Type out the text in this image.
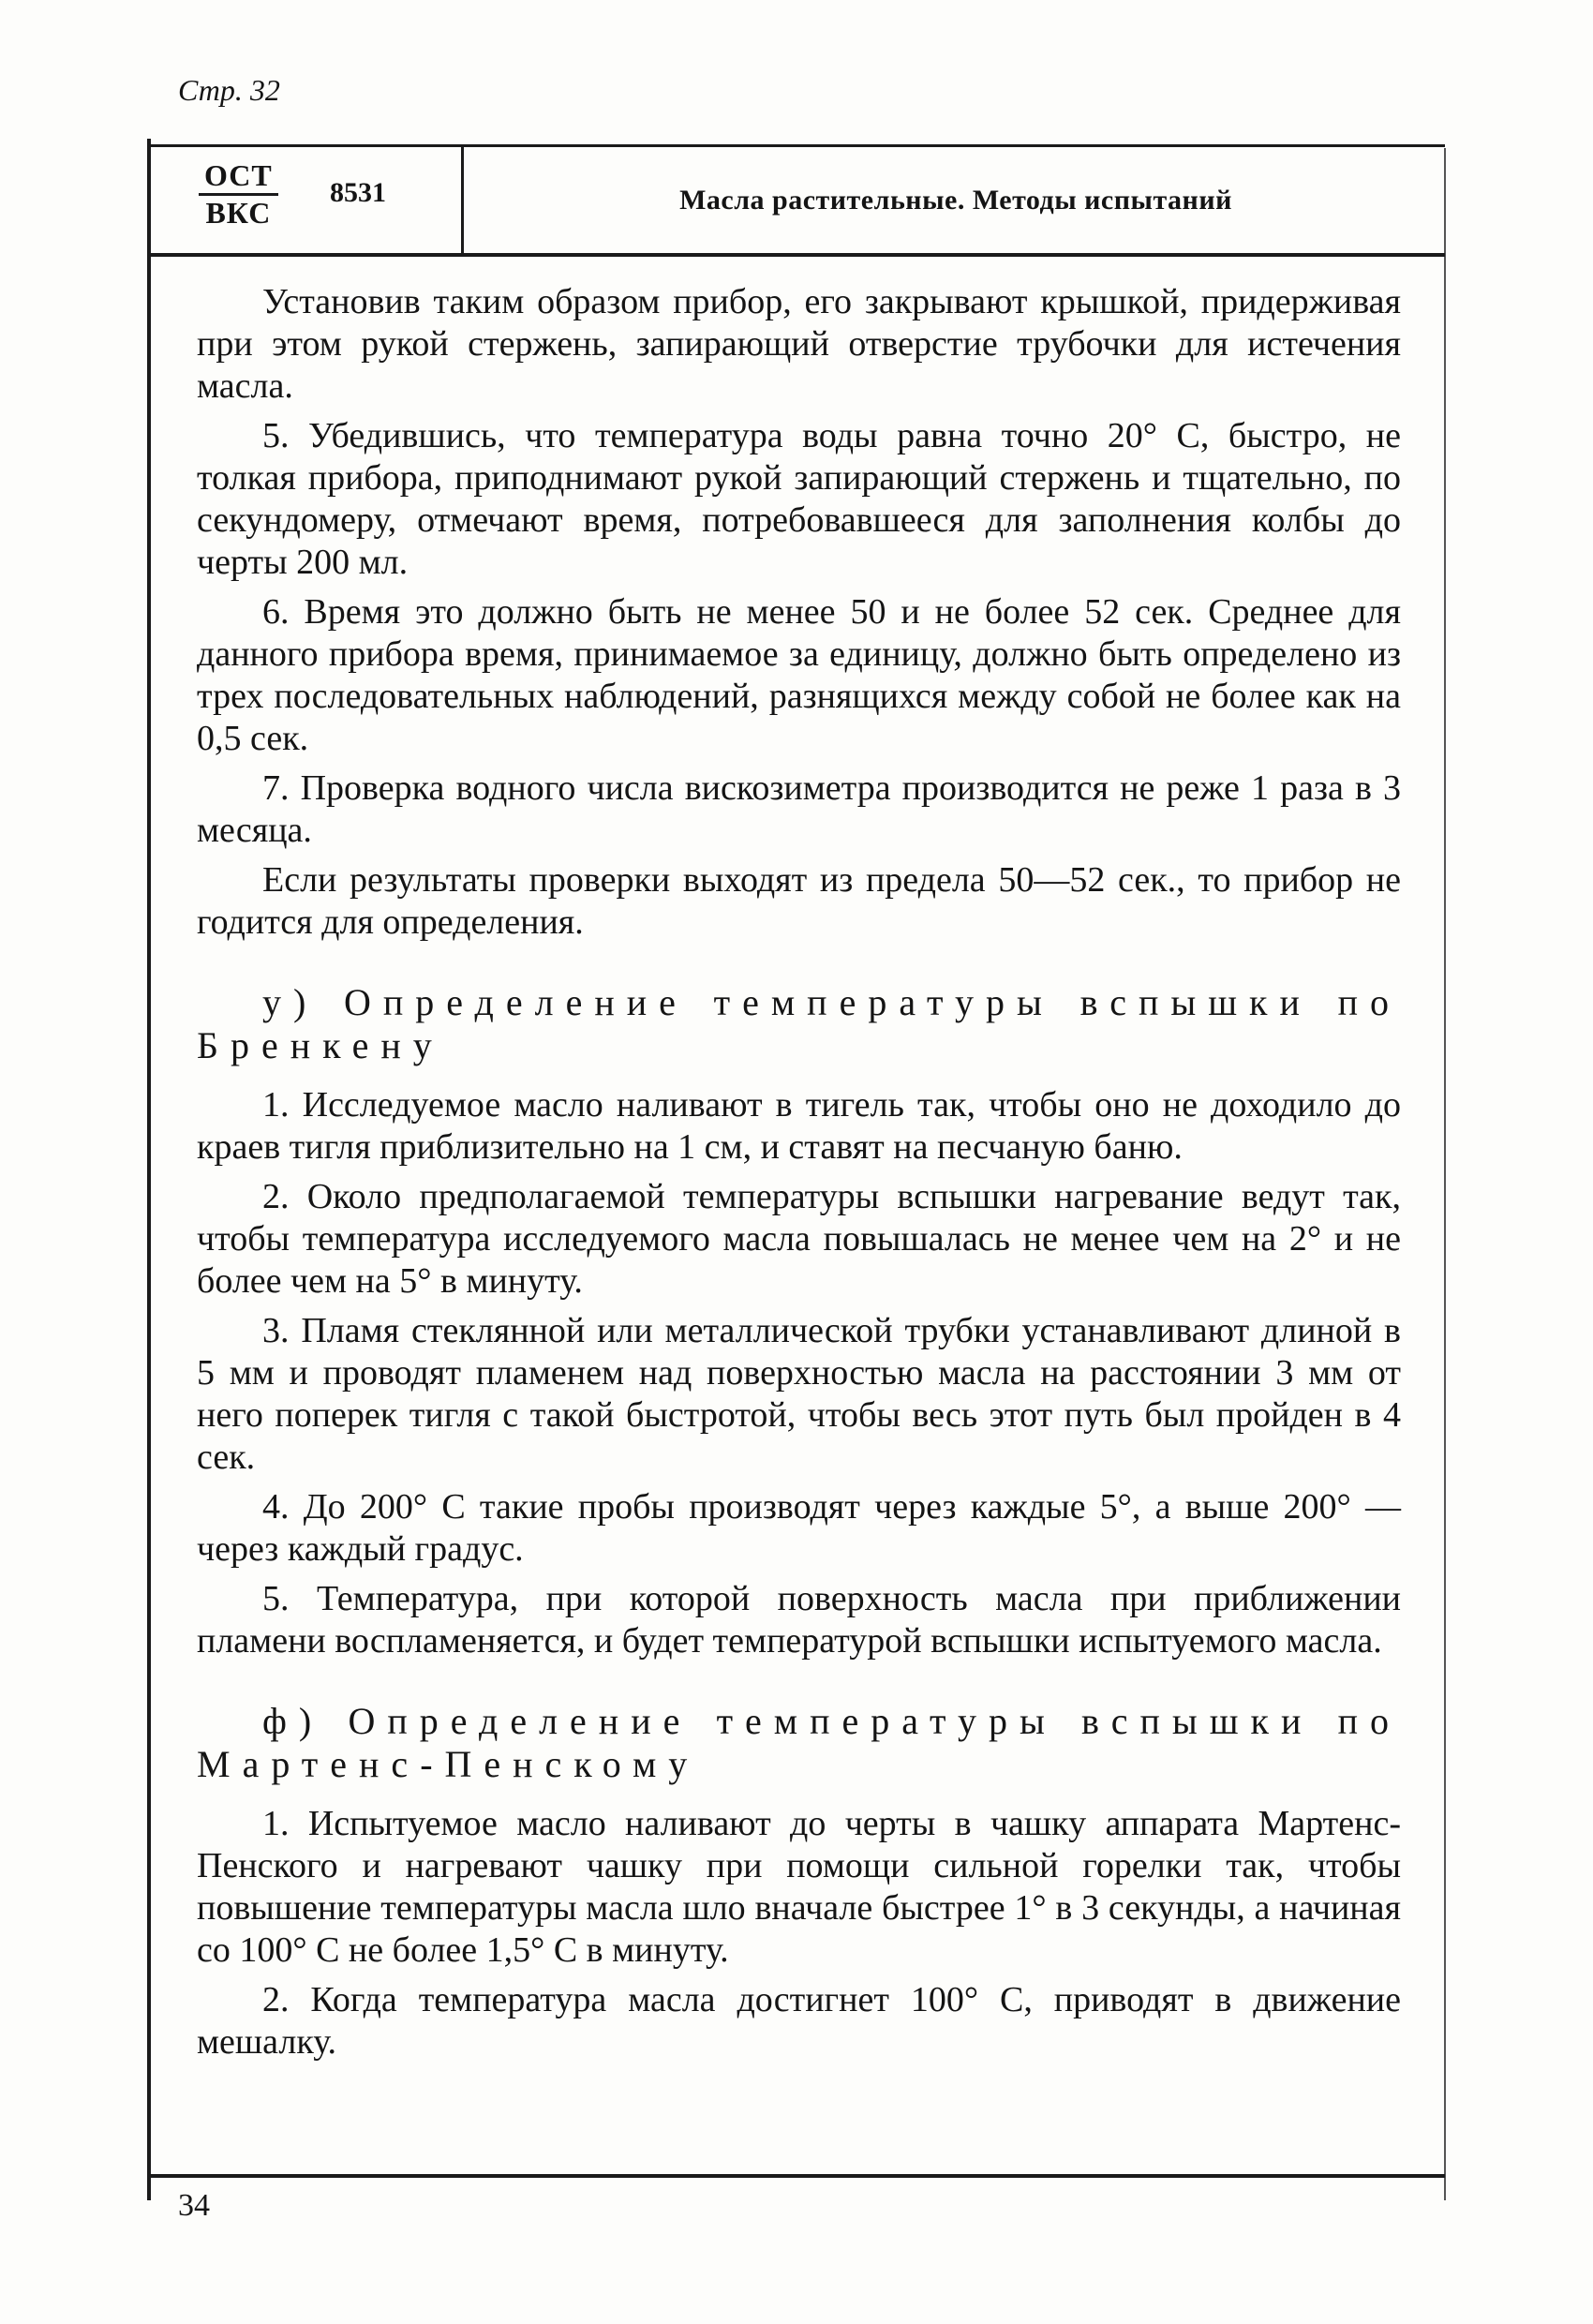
Стр. 32
ОСТ
ВКС
8531	Масла растительные. Методы испытаний

Установив таким образом прибор, его закрывают крышкой, придерживая при этом рукой стержень, запирающий отверстие трубочки для истечения масла.

5. Убедившись, что температура воды равна точно 20° С, быстро, не толкая прибора, приподнимают рукой запирающий стержень и тщательно, по секундомеру, отмечают время, потребовавшееся для заполнения колбы до черты 200 мл.

6. Время это должно быть не менее 50 и не более 52 сек. Среднее для данного прибора время, принимаемое за единицу, должно быть определено из трех последовательных наблюдений, разнящихся между собой не более как на 0,5 сек.

7. Проверка водного числа вискозиметра производится не реже 1 раза в 3 месяца.

Если результаты проверки выходят из предела 50—52 сек., то прибор не годится для определения.

у) Определение температуры вспышки по Бренкену

1. Исследуемое масло наливают в тигель так, чтобы оно не доходило до краев тигля приблизительно на 1 см, и ставят на песчаную баню.

2. Около предполагаемой температуры вспышки нагревание ведут так, чтобы температура исследуемого масла повышалась не менее чем на 2° и не более чем на 5° в минуту.

3. Пламя стеклянной или металлической трубки устанавливают длиной в 5 мм и проводят пламенем над поверхностью масла на расстоянии 3 мм от него поперек тигля с такой быстротой, чтобы весь этот путь был пройден в 4 сек.

4. До 200° С такие пробы производят через каждые 5°, а выше 200° — через каждый градус.

5. Температура, при которой поверхность масла при приближении пламени воспламеняется, и будет температурой вспышки испытуемого масла.

ф) Определение температуры вспышки по Мартенс-Пенскому

1. Испытуемое масло наливают до черты в чашку аппарата Мартенс-Пенского и нагревают чашку при помощи сильной горелки так, чтобы повышение температуры масла шло вначале быстрее 1° в 3 секунды, а начиная со 100° С не более 1,5° С в минуту.

2. Когда температура масла достигнет 100° С, приводят в движение мешалку.

34
